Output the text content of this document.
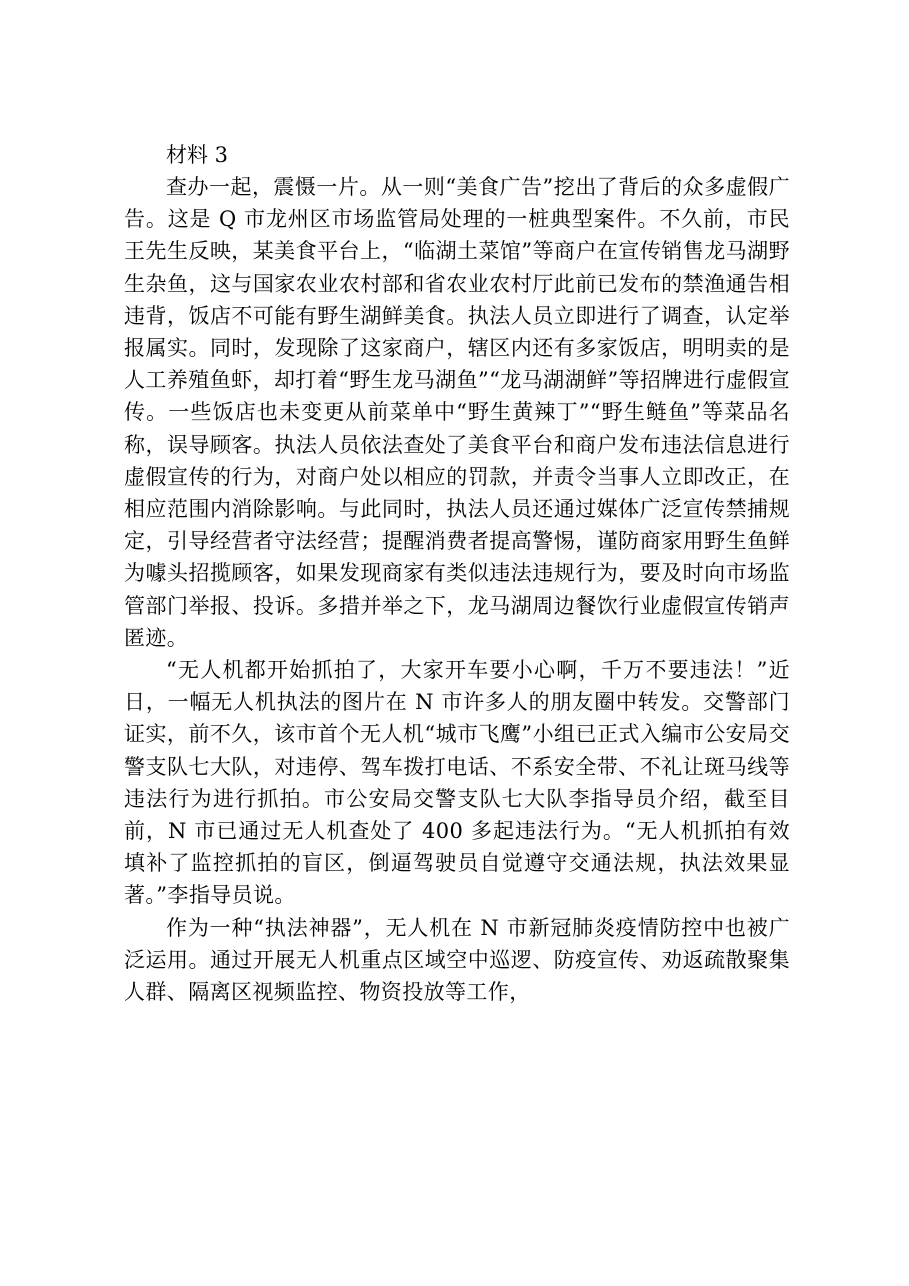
材料 3

查办一起，震慑一片。从一则“美食广告”挖出了背后的众多虚假广告。这是 Q 市龙州区市场监管局处理的一桩典型案件。不久前，市民王先生反映，某美食平台上，“临湖土菜馆”等商户在宣传销售龙马湖野生杂鱼，这与国家农业农村部和省农业农村厅此前已发布的禁渔通告相违背，饭店不可能有野生湖鲜美食。执法人员立即进行了调查，认定举报属实。同时，发现除了这家商户，辖区内还有多家饭店，明明卖的是人工养殖鱼虾，却打着“野生龙马湖鱼”“龙马湖湖鲜”等招牌进行虚假宣传。一些饭店也未变更从前菜单中“野生黄辣丁”“野生鲢鱼”等菜品名称，误导顾客。执法人员依法查处了美食平台和商户发布违法信息进行虚假宣传的行为，对商户处以相应的罚款，并责令当事人立即改正，在相应范围内消除影响。与此同时，执法人员还通过媒体广泛宣传禁捕规定，引导经营者守法经营；提醒消费者提高警惕，谨防商家用野生鱼鲜为噱头招揽顾客，如果发现商家有类似违法违规行为，要及时向市场监管部门举报、投诉。多措并举之下，龙马湖周边餐饮行业虚假宣传销声匿迹。

“无人机都开始抓拍了，大家开车要小心啊，千万不要违法！”近日，一幅无人机执法的图片在 N 市许多人的朋友圈中转发。交警部门证实，前不久，该市首个无人机“城市飞鹰”小组已正式入编市公安局交警支队七大队，对违停、驾车拨打电话、不系安全带、不礼让斑马线等违法行为进行抓拍。市公安局交警支队七大队李指导员介绍，截至目前，N 市已通过无人机查处了 400 多起违法行为。“无人机抓拍有效填补了监控抓拍的盲区，倒逼驾驶员自觉遵守交通法规，执法效果显著。”李指导员说。

作为一种“执法神器”，无人机在 N 市新冠肺炎疫情防控中也被广泛运用。通过开展无人机重点区域空中巡逻、防疫宣传、劝返疏散聚集人群、隔离区视频监控、物资投放等工作，
